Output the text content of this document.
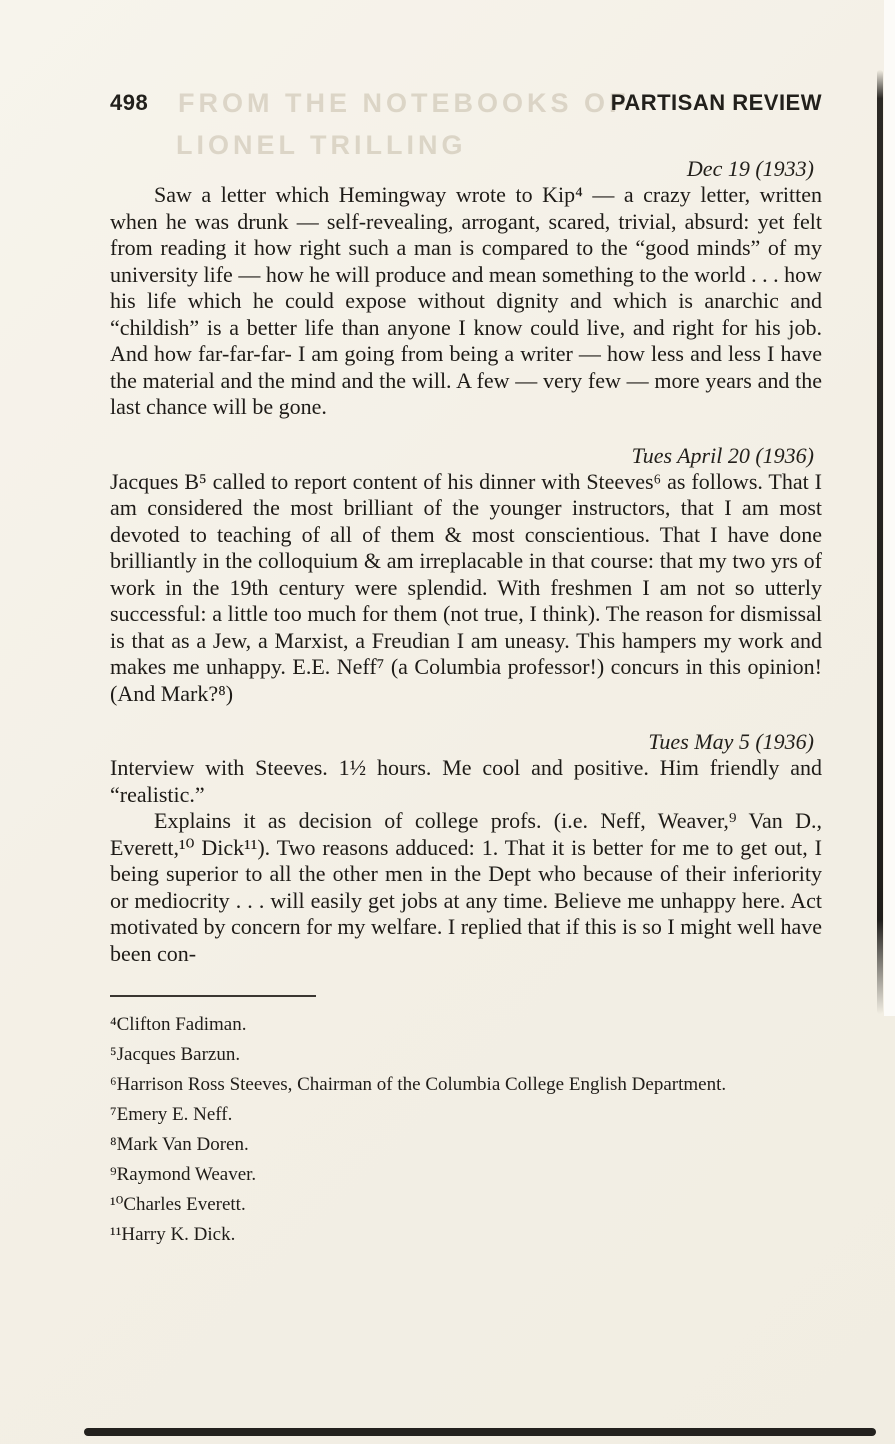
FROM THE NOTEBOOKS OF
LIONEL TRILLING
498	PARTISAN REVIEW
Dec 19 (1933)

Saw a letter which Hemingway wrote to Kip⁴ — a crazy letter, written when he was drunk — self-revealing, arrogant, scared, trivial, absurd: yet felt from reading it how right such a man is compared to the “good minds” of my university life — how he will produce and mean something to the world . . . how his life which he could expose without dignity and which is anarchic and “childish” is a better life than anyone I know could live, and right for his job. And how far-far-far- I am going from being a writer — how less and less I have the material and the mind and the will. A few — very few — more years and the last chance will be gone.

Tues April 20 (1936)

Jacques B⁵ called to report content of his dinner with Steeves⁶ as follows. That I am considered the most brilliant of the younger instructors, that I am most devoted to teaching of all of them & most conscientious. That I have done brilliantly in the colloquium & am irreplacable in that course: that my two yrs of work in the 19th century were splendid. With freshmen I am not so utterly successful: a little too much for them (not true, I think). The reason for dismissal is that as a Jew, a Marxist, a Freudian I am uneasy. This hampers my work and makes me unhappy. E.E. Neff⁷ (a Columbia professor!) concurs in this opinion! (And Mark?⁸)

Tues May 5 (1936)

Interview with Steeves. 1½ hours. Me cool and positive. Him friendly and “realistic.”

Explains it as decision of college profs. (i.e. Neff, Weaver,⁹ Van D., Everett,¹⁰ Dick¹¹). Two reasons adduced: 1. That it is better for me to get out, I being superior to all the other men in the Dept who because of their inferiority or mediocrity . . . will easily get jobs at any time. Believe me unhappy here. Act motivated by concern for my welfare. I replied that if this is so I might well have been con-

⁴Clifton Fadiman.

⁵Jacques Barzun.

⁶Harrison Ross Steeves, Chairman of the Columbia College English Department.

⁷Emery E. Neff.

⁸Mark Van Doren.

⁹Raymond Weaver.

¹⁰Charles Everett.

¹¹Harry K. Dick.
